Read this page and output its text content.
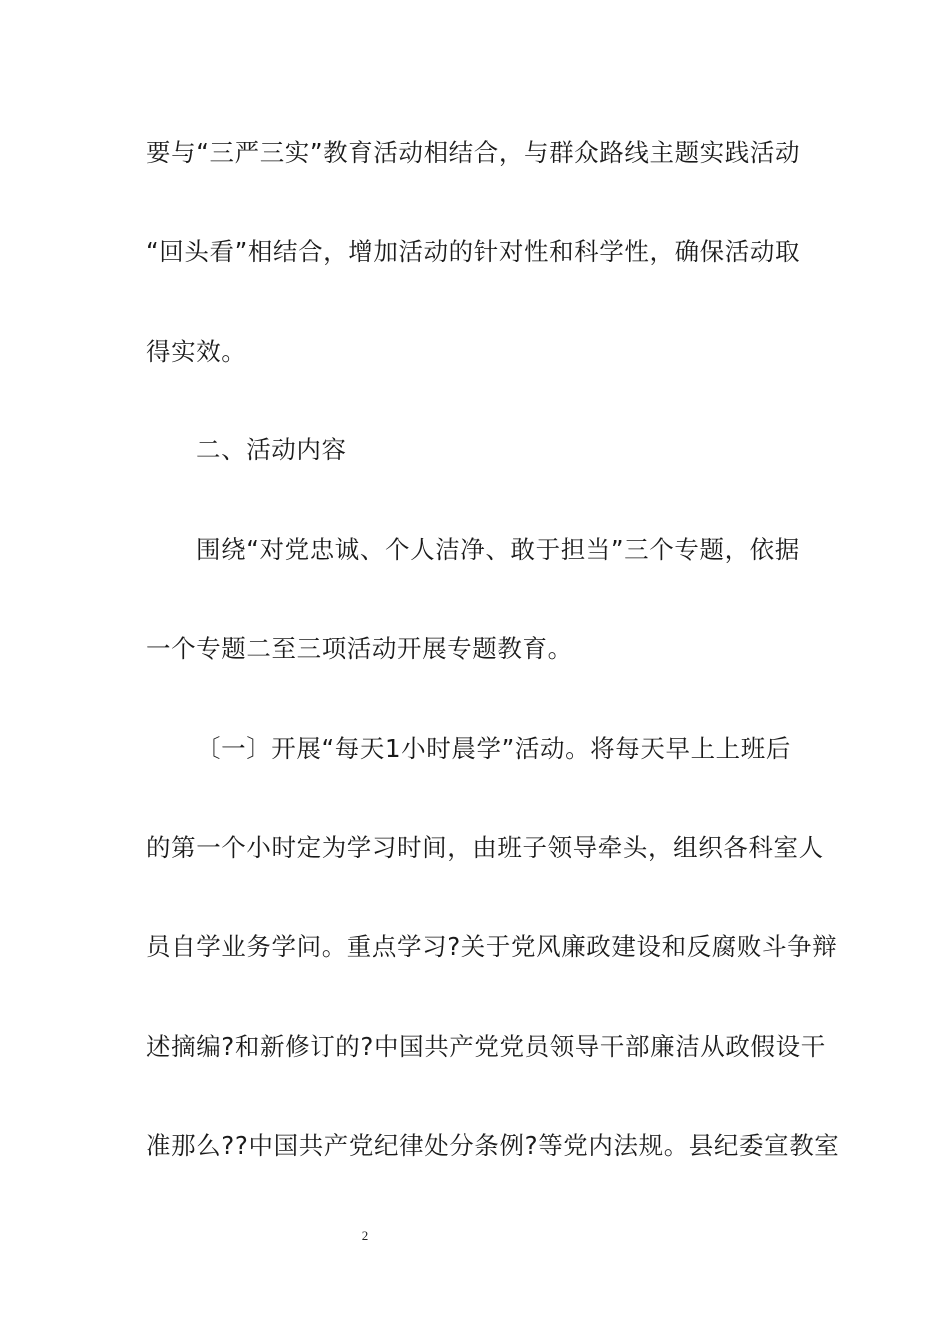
要与“三严三实”教育活动相结合，与群众路线主题实践活动
“回头看”相结合，增加活动的针对性和科学性，确保活动取
得实效。
二、活动内容
围绕“对党忠诚、个人洁净、敢于担当”三个专题，依据
一个专题二至三项活动开展专题教育。
〔一〕开展“每天1小时晨学”活动。将每天早上上班后
的第一个小时定为学习时间，由班子领导牵头，组织各科室人
员自学业务学问。重点学习?关于党风廉政建设和反腐败斗争辩
述摘编?和新修订的?中国共产党党员领导干部廉洁从政假设干
准那么??中国共产党纪律处分条例?等党内法规。县纪委宣教室
2
